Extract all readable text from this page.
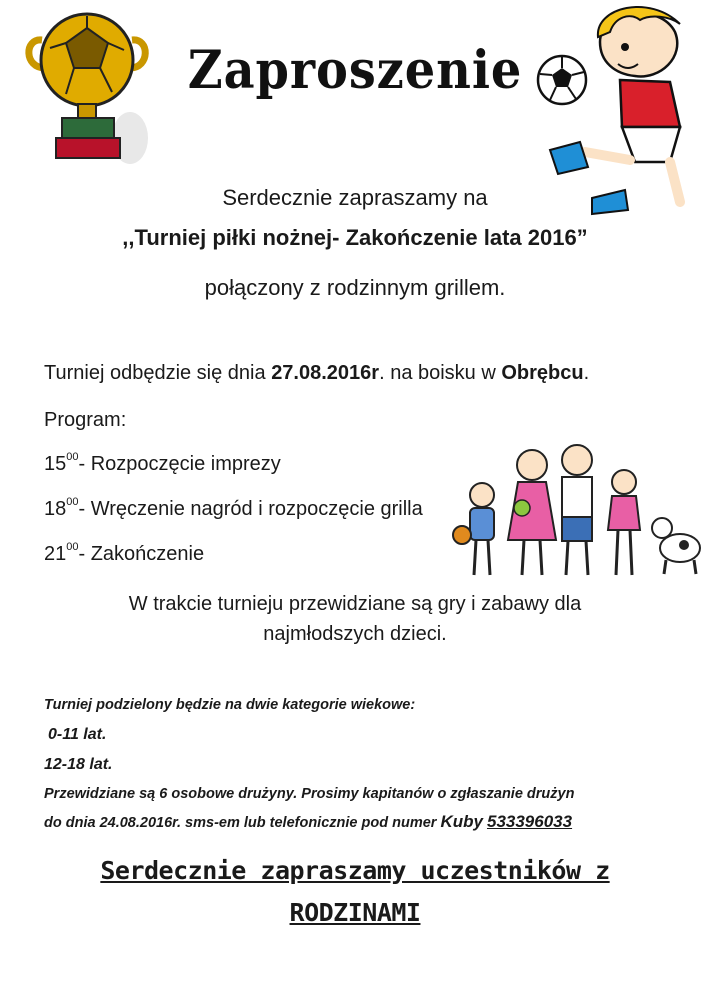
Zaproszenie
Serdecznie zapraszamy na
,,Turniej piłki nożnej- Zakończenie lata 2016”
połączony z rodzinnym grillem.
Turniej odbędzie się dnia 27.08.2016r. na boisku w Obrębcu.
Program:
$15^{00}-$ Rozpoczęcie imprezy
$18^{00}-$ Wręczenie nagród i rozpoczęcie grilla
$21^{00}-$ Zakończenie
W trakcie turnieju przewidziane są gry i zabawy dla
najmłodszych dzieci.
Turniej podzielony będzie na dwie kategorie wiekowe:
0-11 lat.
12-18 lat.
Przewidziane są 6 osobowe drużyny. Prosimy kapitanów o zgłaszanie drużyn
do dnia 24.08.2016r. sms-em lub telefonicznie pod numer Kuby 533396033
Serdecznie zapraszamy uczestników z
RODZINAMI
